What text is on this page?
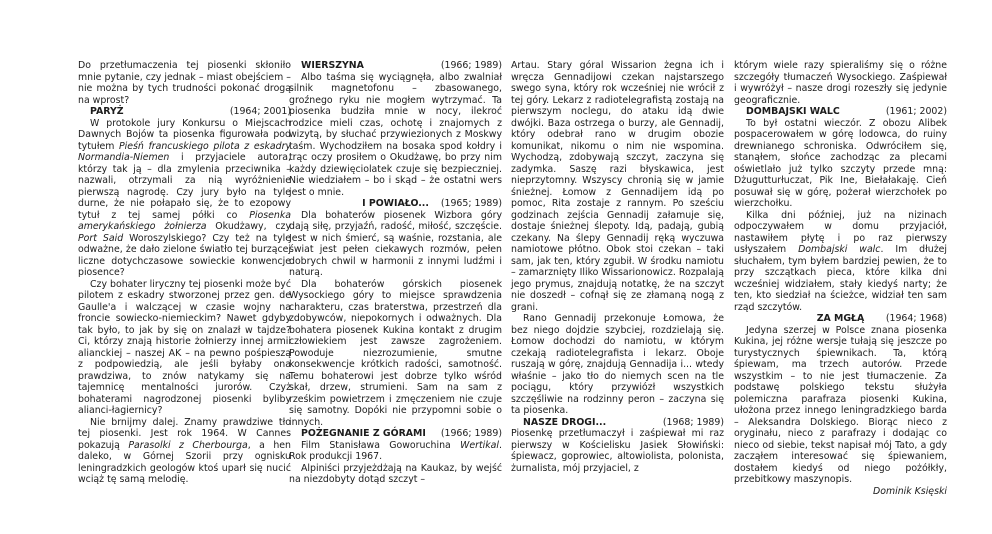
Do przetłumaczenia tej piosenki skłoniło mnie pytanie, czy jednak – miast obejściem – nie można by tych trudności pokonać drogą na wprost?

PARYŻ	(1964; 2001)

W protokole jury Konkursu o Miejscach Dawnych Bojów ta piosenka figurowała pod tytułem Pieśń francuskiego pilota z eskadry Normandia-Niemen i przyjaciele autora, którzy tak ją – dla zmylenia przeciwnika – nazwali, otrzymali za nią wyróżnienie pierwszą nagrodę. Czy jury było na tyle durne, że nie połapało się, że to ezopowy tytuł z tej samej półki co Piosenka amerykańskiego żołnierza Okudżawy, czy Port Said Woroszylskiego? Czy też na tyle odważne, że dało zielone światło tej burzącej liczne dotychczasowe sowieckie konwencje piosence?

Czy bohater liryczny tej piosenki może być pilotem z eskadry stworzonej przez gen. de Gaulle'a i walczącej w czasie wojny na froncie sowiecko-niemieckim? Nawet gdyby tak było, to jak by się on znalazł w tajdze? Ci, którzy znają historie żołnierzy innej armii alianckiej – naszej AK – na pewno pośpieszą z podpowiedzią, ale jeśli byłaby ona prawdziwa, to znów natykamy się na tajemnicę mentalności jurorów. Czyż bohaterami nagrodzonej piosenki byliby alianci-łagiernicy?

Nie brnijmy dalej. Znamy prawdziwe tło tej piosenki. Jest rok 1964. W Cannes pokazują Parasolki z Cherbourga, a hen daleko, w Górnej Szorii przy ognisku leningradzkich geologów ktoś uparł się nucić wciąż tę samą melodię.

WIERSZYNA	(1966; 1989)

Albo taśma się wyciągnęła, albo zwalniał silnik magnetofonu – zbasowanego, groźnego ryku nie mogłem wytrzymać. Ta piosenka budziła mnie w nocy, ilekroć rodzice mieli czas, ochotę i znajomych z wizytą, by słuchać przywiezionych z Moskwy taśm. Wychodziłem na bosaka spod kołdry i trąc oczy prosiłem o Okudżawę, bo przy nim każdy dziewięciolatek czuje się bezpieczniej. Nie wiedziałem – bo i skąd – że ostatni wers jest o mnie.

I POWIAŁO...	(1965; 1989)

Dla bohaterów piosenek Wizbora góry dają siłę, przyjaźń, radość, miłość, szczęście. Jest w nich śmierć, są waśnie, rozstania, ale świat jest pełen ciekawych rozmów, pełen dobrych chwil w harmonii z innymi ludźmi i naturą.

Dla bohaterów górskich piosenek Wysockiego góry to miejsce sprawdzenia charakteru, czas braterstwa, przestrzeń dla zdobywców, niepokornych i odważnych. Dla bohatera piosenek Kukina kontakt z drugim człowiekiem jest zawsze zagrożeniem. Powoduje niezrozumienie, smutne konsekwencje krótkich radości, samotność. Temu bohaterowi jest dobrze tylko wśród skał, drzew, strumieni. Sam na sam z rześkim powietrzem i zmęczeniem nie czuje się samotny. Dopóki nie przypomni sobie o innych.

POŻEGNANIE Z GÓRAMI (1966; 1989)

Film Stanisława Goworuchina Wertikal. Rok produkcji 1967.

Alpiniści przyjeżdżają na Kaukaz, by wejść na niezdobyty dotąd szczyt –

Artau. Stary góral Wissarion żegna ich i wręcza Gennadijowi czekan najstarszego swego syna, który rok wcześniej nie wrócił z tej góry. Lekarz z radiotelegrafistą zostają na pierwszym noclegu, do ataku idą dwie dwójki. Baza ostrzega o burzy, ale Gennadij, który odebrał rano w drugim obozie komunikat, nikomu o nim nie wspomina. Wychodzą, zdobywają szczyt, zaczyna się zadymka. Saszę razi błyskawica, jest nieprzytomny. Wszyscy chronią się w jamie śnieżnej. Łomow z Gennadijem idą po pomoc, Rita zostaje z rannym. Po sześciu godzinach zejścia Gennadij załamuje się, dostaje śnieżnej ślepoty. Idą, padają, gubią czekany. Na ślepy Gennadij ręką wyczuwa namiotowe płótno. Obok stoi czekan – taki sam, jak ten, który zgubił. W środku namiotu – zamarznięty Iliko Wissarionowicz. Rozpalają jego prymus, znajdują notatkę, że na szczyt nie doszedł – cofnął się ze złamaną nogą z grani.

Rano Gennadij przekonuje Łomowa, że bez niego dojdzie szybciej, rozdzielają się. Łomow dochodzi do namiotu, w którym czekają radiotelegrafista i lekarz. Oboje ruszają w górę, znajdują Gennadija i... wtedy właśnie – jako tło do niemych scen na tle pociągu, który przywiózł wszystkich szczęśliwie na rodzinny peron – zaczyna się ta piosenka.

NASZE DROGI...	(1968; 1989)

Piosenkę przetłumaczył i zaśpiewał mi raz pierwszy w Kościelisku Jasiek Słowiński: śpiewacz, goprowiec, altowiolista, polonista, żurnalista, mój przyjaciel, z

którym wiele razy spieraliśmy się o różne szczegóły tłumaczeń Wysockiego. Zaśpiewał i wywróżył – nasze drogi rozeszły się jedynie geograficznie.

DOMBAJSKI WALC	(1961; 2002)

To był ostatni wieczór. Z obozu Alibek pospacerowałem w górę lodowca, do ruiny drewnianego schroniska. Odwróciłem się, stanąłem, słońce zachodząc za plecami oświetlało już tylko szczyty przede mną: Dżugutturłuczat, Pik Ine, Biełałakaję. Cień posuwał się w górę, pożerał wierzchołek po wierzchołku.

Kilka dni później, już na nizinach odpoczywałem w domu przyjaciół, nastawiłem płytę i po raz pierwszy usłyszałem Dombajski walc. Im dłużej słuchałem, tym byłem bardziej pewien, że to przy szczątkach pieca, które kilka dni wcześniej widziałem, stały kiedyś narty; że ten, kto siedział na ścieżce, widział ten sam rząd szczytów.

ZA MGŁĄ	(1964; 1968)

Jedyna szerzej w Polsce znana piosenka Kukina, jej różne wersje tułają się jeszcze po turystycznych śpiewnikach. Ta, którą śpiewam, ma trzech autorów. Przede wszystkim – to nie jest tłumaczenie. Za podstawę polskiego tekstu służyła polemiczna parafraza piosenki Kukina, ułożona przez innego leningradzkiego barda – Aleksandra Dolskiego. Biorąc nieco z oryginału, nieco z parafrazy i dodając co nieco od siebie, tekst napisał mój Tato, a gdy zacząłem interesować się śpiewaniem, dostałem kiedyś od niego pożółkły, przebitkowy maszynopis.

Dominik Księski
